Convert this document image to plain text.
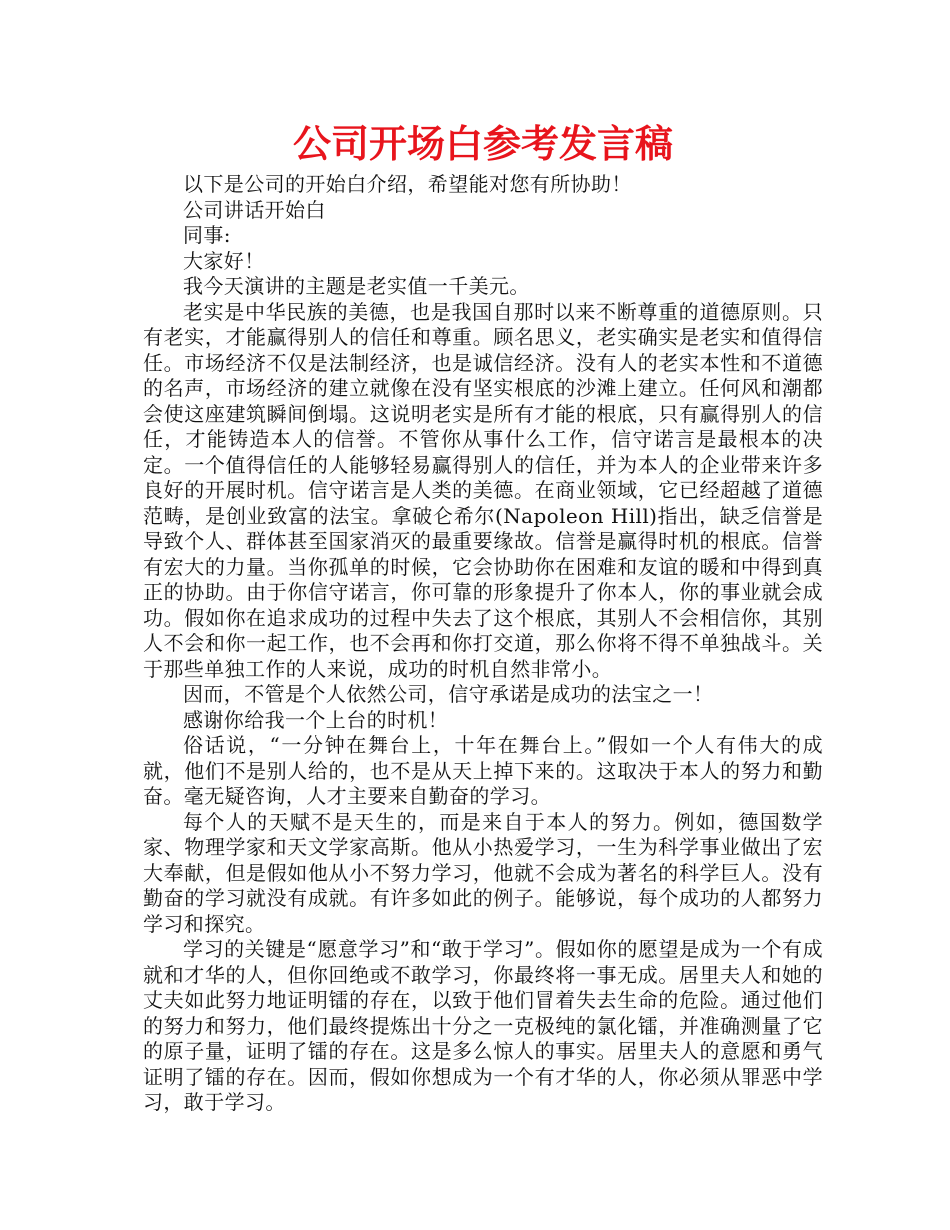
公司开场白参考发言稿

以下是公司的开始白介绍，希望能对您有所协助！

公司讲话开始白

同事:

大家好！

我今天演讲的主题是老实值一千美元。

老实是中华民族的美德，也是我国自那时以来不断尊重的道德原则。只有老实，才能赢得别人的信任和尊重。顾名思义，老实确实是老实和值得信任。市场经济不仅是法制经济，也是诚信经济。没有人的老实本性和不道德的名声，市场经济的建立就像在没有坚实根底的沙滩上建立。任何风和潮都会使这座建筑瞬间倒塌。这说明老实是所有才能的根底，只有赢得别人的信任，才能铸造本人的信誉。不管你从事什么工作，信守诺言是最根本的决定。一个值得信任的人能够轻易赢得别人的信任，并为本人的企业带来许多良好的开展时机。信守诺言是人类的美德。在商业领域，它已经超越了道德范畴，是创业致富的法宝。拿破仑希尔(Napoleon Hill)指出，缺乏信誉是导致个人、群体甚至国家消灭的最重要缘故。信誉是赢得时机的根底。信誉有宏大的力量。当你孤单的时候，它会协助你在困难和友谊的暖和中得到真正的协助。由于你信守诺言，你可靠的形象提升了你本人，你的事业就会成功。假如你在追求成功的过程中失去了这个根底，其别人不会相信你，其别人不会和你一起工作，也不会再和你打交道，那么你将不得不单独战斗。关于那些单独工作的人来说，成功的时机自然非常小。

因而，不管是个人依然公司，信守承诺是成功的法宝之一！

感谢你给我一个上台的时机！

俗话说，“一分钟在舞台上，十年在舞台上。”假如一个人有伟大的成就，他们不是别人给的，也不是从天上掉下来的。这取决于本人的努力和勤奋。毫无疑咨询，人才主要来自勤奋的学习。

每个人的天赋不是天生的，而是来自于本人的努力。例如，德国数学家、物理学家和天文学家高斯。他从小热爱学习，一生为科学事业做出了宏大奉献，但是假如他从小不努力学习，他就不会成为著名的科学巨人。没有勤奋的学习就没有成就。有许多如此的例子。能够说，每个成功的人都努力学习和探究。

学习的关键是“愿意学习”和“敢于学习”。假如你的愿望是成为一个有成就和才华的人，但你回绝或不敢学习，你最终将一事无成。居里夫人和她的丈夫如此努力地证明镭的存在，以致于他们冒着失去生命的危险。通过他们的努力和努力，他们最终提炼出十分之一克极纯的氯化镭，并准确测量了它的原子量，证明了镭的存在。这是多么惊人的事实。居里夫人的意愿和勇气证明了镭的存在。因而，假如你想成为一个有才华的人，你必须从罪恶中学习，敢于学习。
